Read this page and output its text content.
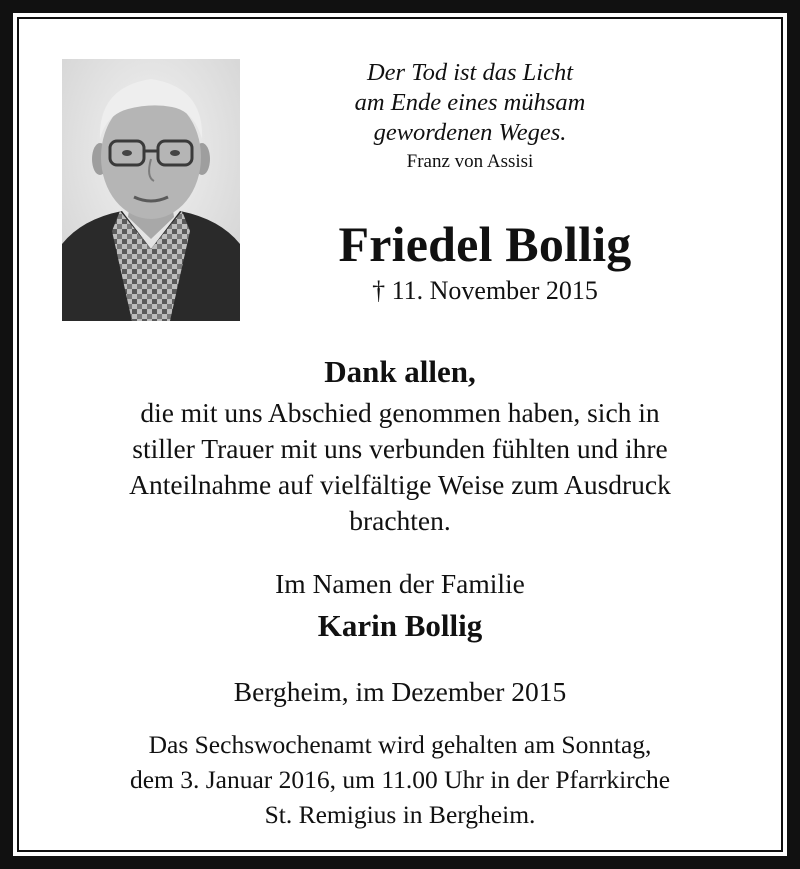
Der Tod ist das Licht
am Ende eines mühsam
gewordenen Weges.
Franz von Assisi
Friedel Bollig
† 11. November 2015
Dank allen,
die mit uns Abschied genommen haben, sich in
stiller Trauer mit uns verbunden fühlten und ihre
Anteilnahme auf vielfältige Weise zum Ausdruck
brachten.
Im Namen der Familie
Karin Bollig
Bergheim, im Dezember 2015
Das Sechswochenamt wird gehalten am Sonntag,
dem 3. Januar 2016, um 11.00 Uhr in der Pfarrkirche
St. Remigius in Bergheim.
